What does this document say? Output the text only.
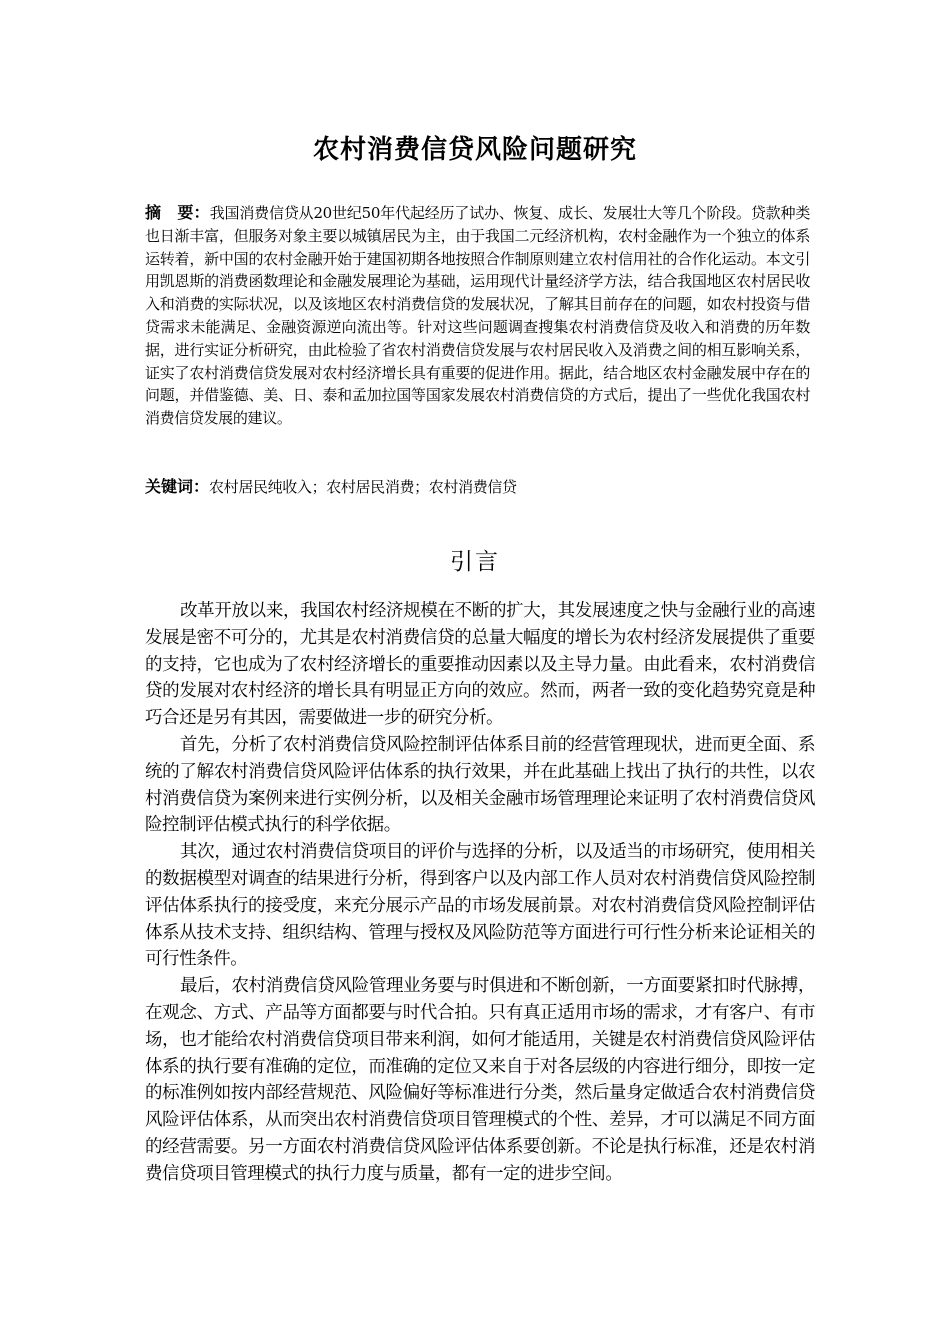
农村消费信贷风险问题研究
摘　要：我国消费信贷从20世纪50年代起经历了试办、恢复、成长、发展壮大等几个阶段。贷款种类也日渐丰富，但服务对象主要以城镇居民为主，由于我国二元经济机构，农村金融作为一个独立的体系运转着，新中国的农村金融开始于建国初期各地按照合作制原则建立农村信用社的合作化运动。本文引用凯恩斯的消费函数理论和金融发展理论为基础，运用现代计量经济学方法，结合我国地区农村居民收入和消费的实际状况，以及该地区农村消费信贷的发展状况，了解其目前存在的问题，如农村投资与借贷需求未能满足、金融资源逆向流出等。针对这些问题调查搜集农村消费信贷及收入和消费的历年数据，进行实证分析研究，由此检验了省农村消费信贷发展与农村居民收入及消费之间的相互影响关系，证实了农村消费信贷发展对农村经济增长具有重要的促进作用。据此，结合地区农村金融发展中存在的问题，并借鉴德、美、日、泰和孟加拉国等国家发展农村消费信贷的方式后，提出了一些优化我国农村消费信贷发展的建议。
关键词：农村居民纯收入；农村居民消费；农村消费信贷
引言

改革开放以来，我国农村经济规模在不断的扩大，其发展速度之快与金融行业的高速发展是密不可分的，尤其是农村消费信贷的总量大幅度的增长为农村经济发展提供了重要的支持，它也成为了农村经济增长的重要推动因素以及主导力量。由此看来，农村消费信贷的发展对农村经济的增长具有明显正方向的效应。然而，两者一致的变化趋势究竟是种巧合还是另有其因，需要做进一步的研究分析。

首先，分析了农村消费信贷风险控制评估体系目前的经营管理现状，进而更全面、系统的了解农村消费信贷风险评估体系的执行效果，并在此基础上找出了执行的共性，以农村消费信贷为案例来进行实例分析，以及相关金融市场管理理论来证明了农村消费信贷风险控制评估模式执行的科学依据。

其次，通过农村消费信贷项目的评价与选择的分析，以及适当的市场研究，使用相关的数据模型对调查的结果进行分析，得到客户以及内部工作人员对农村消费信贷风险控制评估体系执行的接受度，来充分展示产品的市场发展前景。对农村消费信贷风险控制评估体系从技术支持、组织结构、管理与授权及风险防范等方面进行可行性分析来论证相关的可行性条件。

最后，农村消费信贷风险管理业务要与时俱进和不断创新，一方面要紧扣时代脉搏，在观念、方式、产品等方面都要与时代合拍。只有真正适用市场的需求，才有客户、有市场，也才能给农村消费信贷项目带来利润，如何才能适用，关键是农村消费信贷风险评估体系的执行要有准确的定位，而准确的定位又来自于对各层级的内容进行细分，即按一定的标准例如按内部经营规范、风险偏好等标准进行分类，然后量身定做适合农村消费信贷风险评估体系，从而突出农村消费信贷项目管理模式的个性、差异，才可以满足不同方面的经营需要。另一方面农村消费信贷风险评估体系要创新。不论是执行标准，还是农村消费信贷项目管理模式的执行力度与质量，都有一定的进步空间。
